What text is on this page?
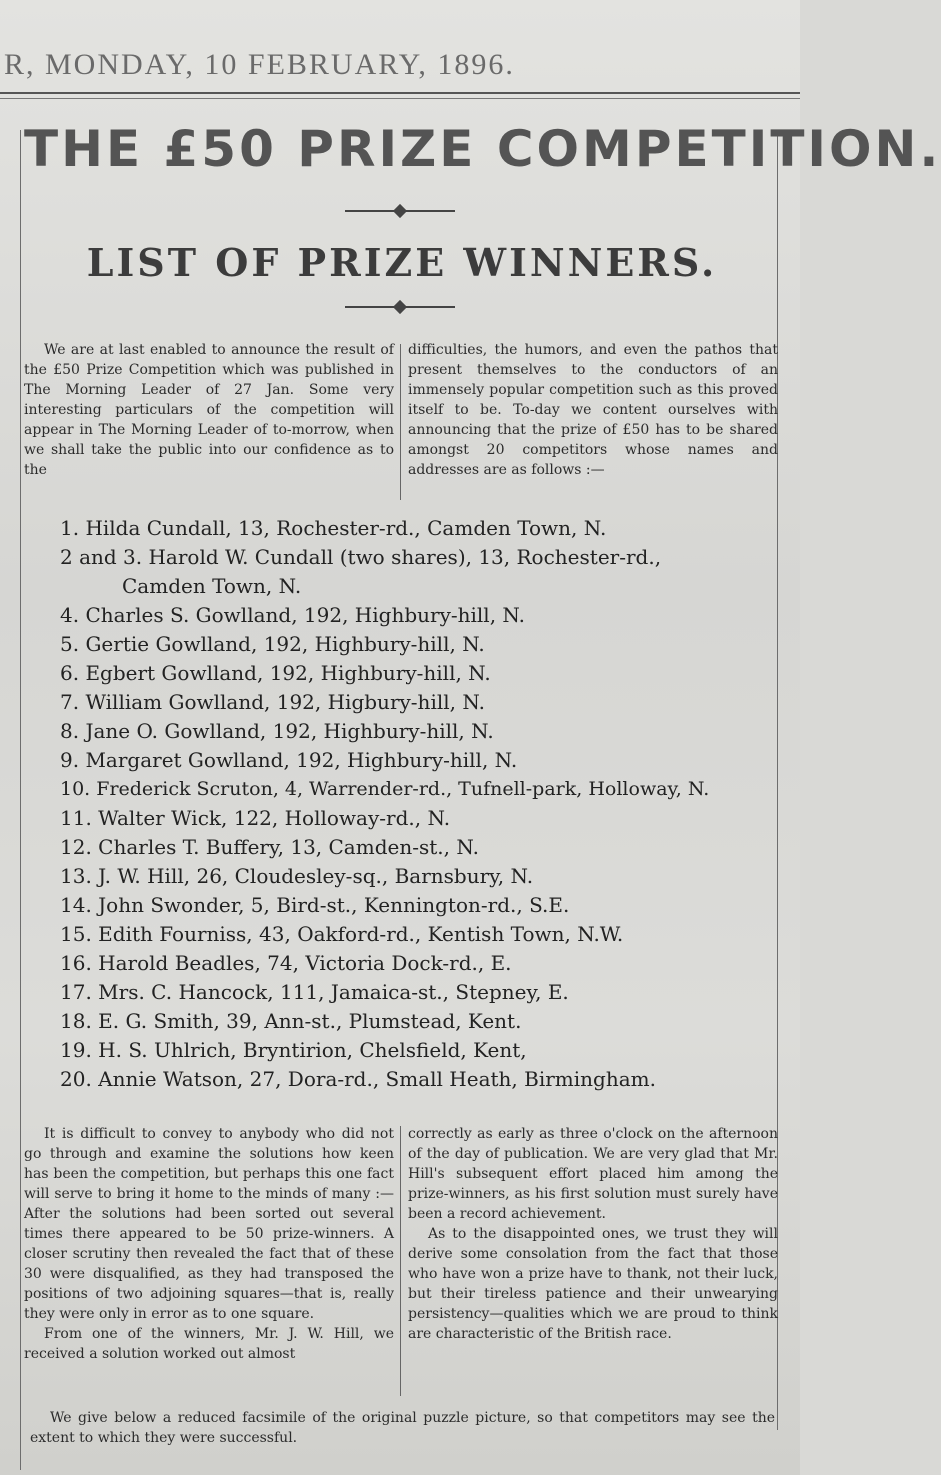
R, MONDAY, 10 FEBRUARY, 1896.
THE £50 PRIZE COMPETITION.
LIST OF PRIZE WINNERS.

We are at last enabled to announce the result of the £50 Prize Competition which was published in The Morning Leader of 27 Jan. Some very interesting particulars of the competition will appear in The Morning Leader of to-morrow, when we shall take the public into our confidence as to the

difficulties, the humors, and even the pathos that present themselves to the conductors of an immensely popular competition such as this proved itself to be. To-day we content ourselves with announcing that the prize of £50 has to be shared amongst 20 competitors whose names and addresses are as follows :—

1. Hilda Cundall, 13, Rochester-rd., Camden Town, N.
2 and 3. Harold W. Cundall (two shares), 13, Rochester-rd.,
Camden Town, N.
4. Charles S. Gowlland, 192, Highbury-hill, N.
5. Gertie Gowlland, 192, Highbury-hill, N.
6. Egbert Gowlland, 192, Highbury-hill, N.
7. William Gowlland, 192, Higbury-hill, N.
8. Jane O. Gowlland, 192, Highbury-hill, N.
9. Margaret Gowlland, 192, Highbury-hill, N.
10. Frederick Scruton, 4, Warrender-rd., Tufnell-park, Holloway, N.
11. Walter Wick, 122, Holloway-rd., N.
12. Charles T. Buffery, 13, Camden-st., N.
13. J. W. Hill, 26, Cloudesley-sq., Barnsbury, N.
14. John Swonder, 5, Bird-st., Kennington-rd., S.E.
15. Edith Fourniss, 43, Oakford-rd., Kentish Town, N.W.
16. Harold Beadles, 74, Victoria Dock-rd., E.
17. Mrs. C. Hancock, 111, Jamaica-st., Stepney, E.
18. E. G. Smith, 39, Ann-st., Plumstead, Kent.
19. H. S. Uhlrich, Bryntirion, Chelsfield, Kent,
20. Annie Watson, 27, Dora-rd., Small Heath, Birmingham.

It is difficult to convey to anybody who did not go through and examine the solutions how keen has been the competition, but perhaps this one fact will serve to bring it home to the minds of many :—After the solutions had been sorted out several times there appeared to be 50 prize-winners. A closer scrutiny then revealed the fact that of these 30 were disqualified, as they had transposed the positions of two adjoining squares—that is, really they were only in error as to one square.

From one of the winners, Mr. J. W. Hill, we received a solution worked out almost

correctly as early as three o'clock on the afternoon of the day of publication. We are very glad that Mr. Hill's subsequent effort placed him among the prize-winners, as his first solution must surely have been a record achievement.

As to the disappointed ones, we trust they will derive some consolation from the fact that those who have won a prize have to thank, not their luck, but their tireless patience and their unwearying persistency—qualities which we are proud to think are characteristic of the British race.

We give below a reduced facsimile of the original puzzle picture, so that competitors may see the extent to which they were successful.
